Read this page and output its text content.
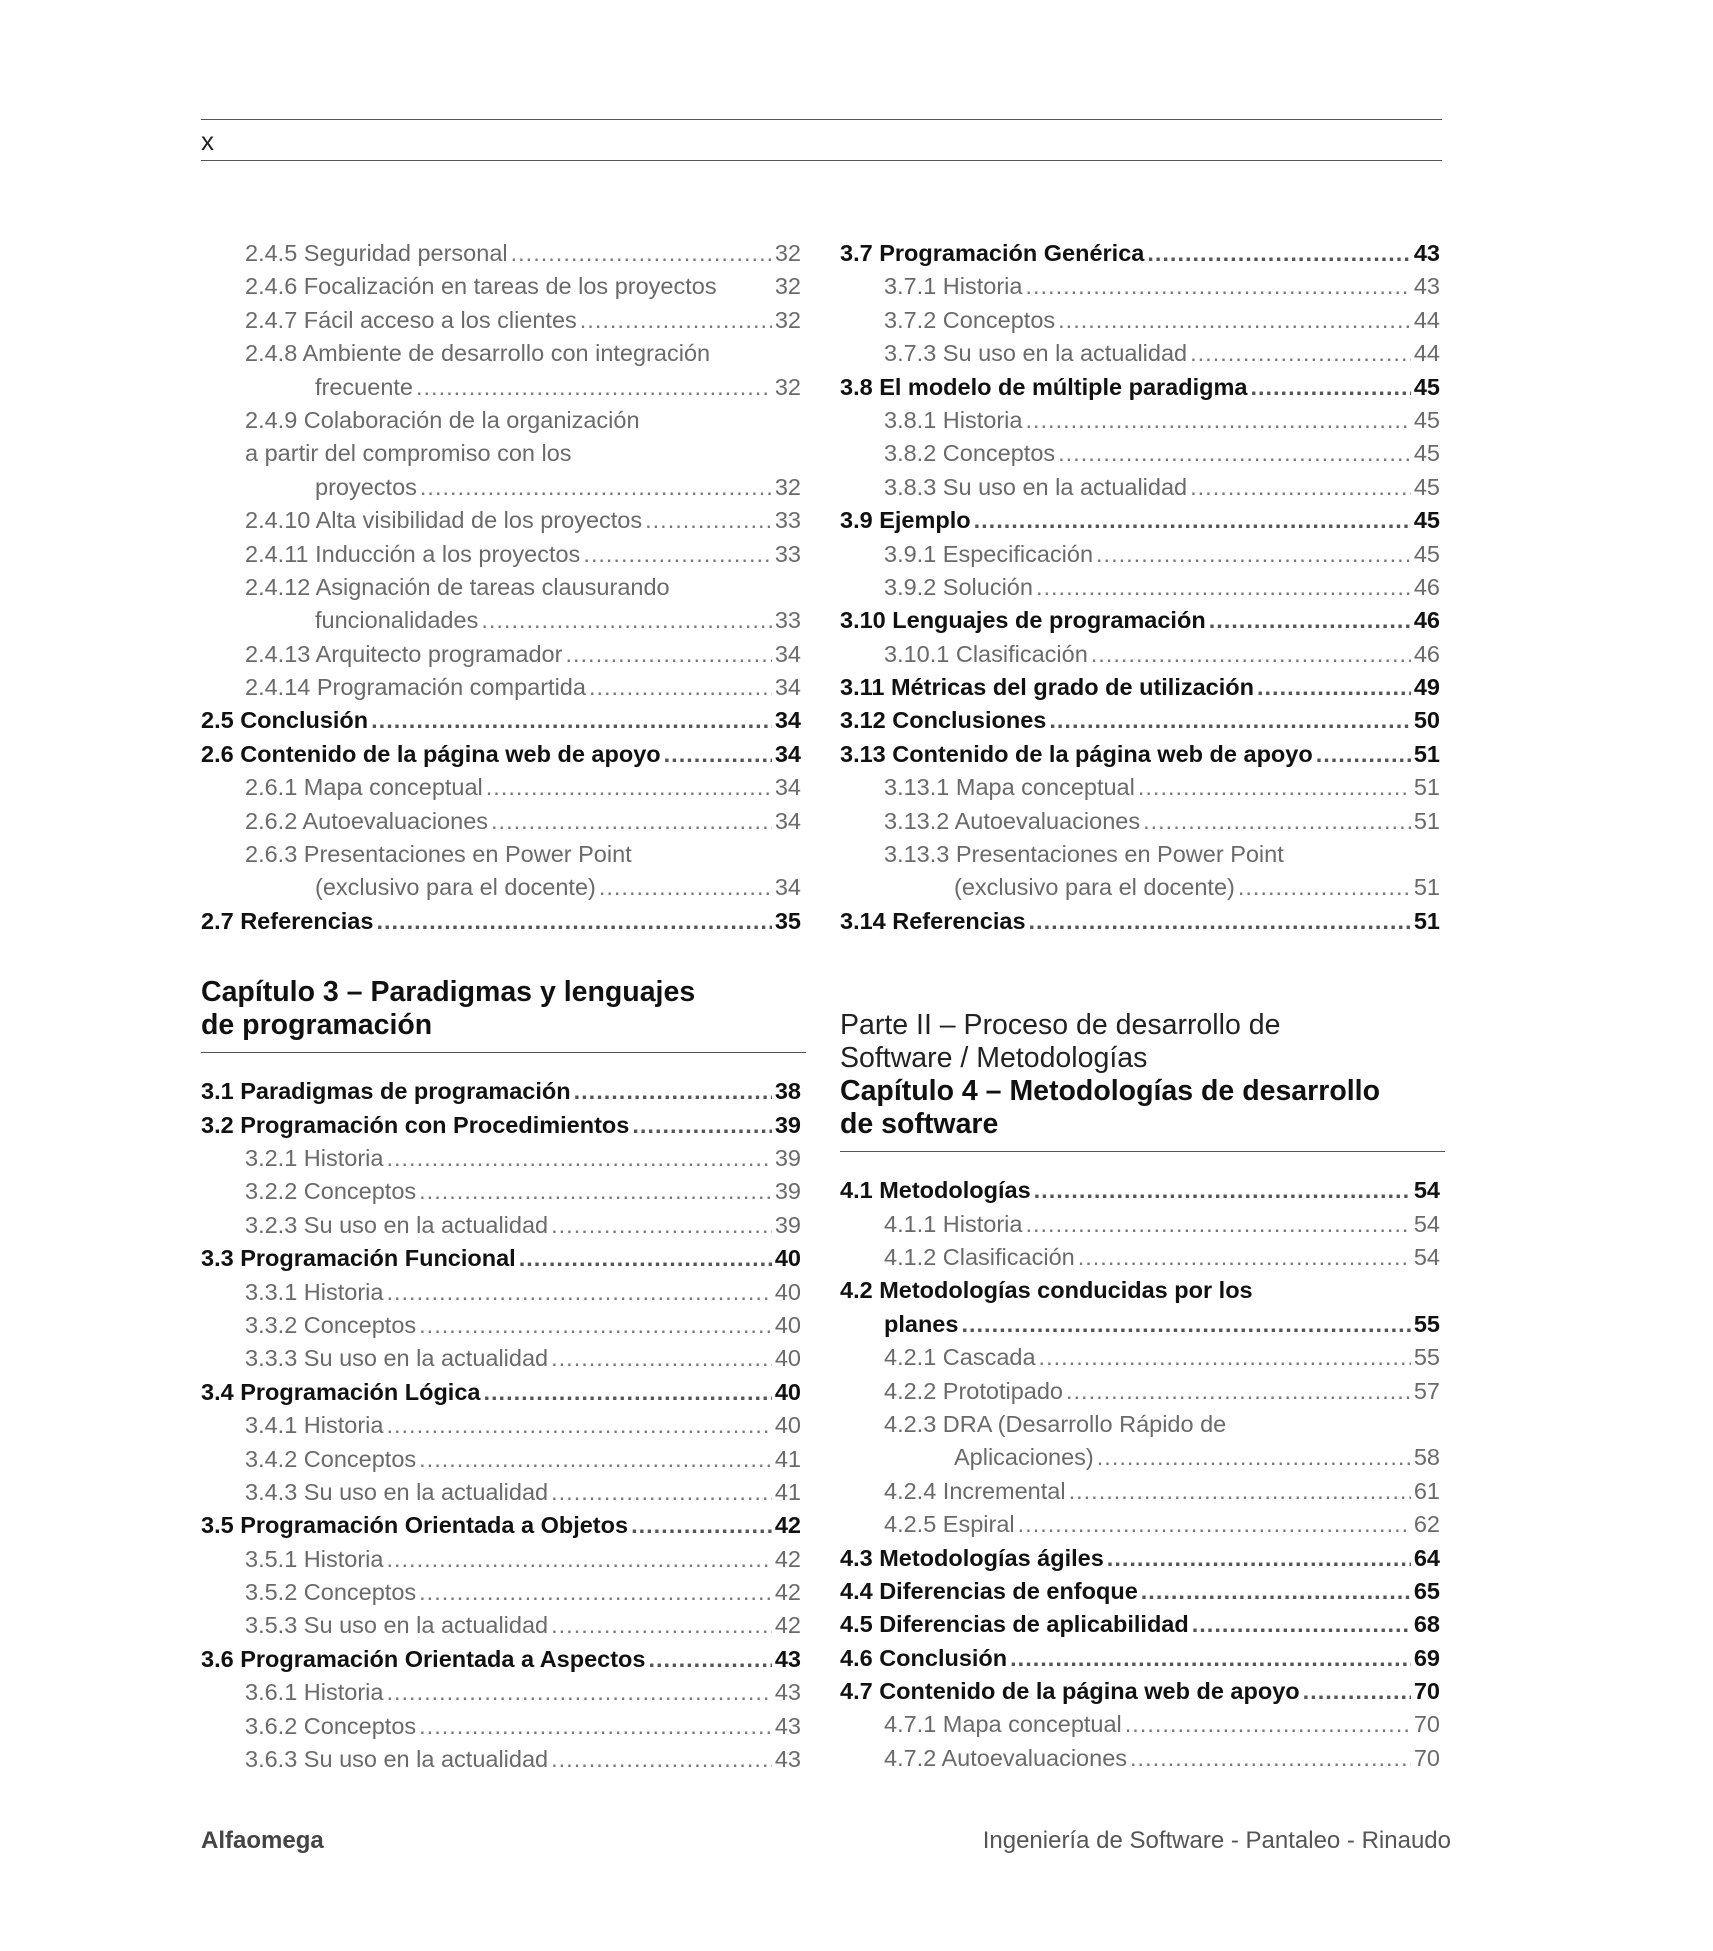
x
2.4.5 Seguridad personal .....	32
2.4.6 Focalización en tareas de los proyectos 32
2.4.7 Fácil acceso a los clientes .....	32
2.4.8 Ambiente de desarrollo con integración
frecuente .....	32
2.4.9 Colaboración de la organización
a partir del compromiso con los
proyectos .....	32
2.4.10 Alta visibilidad de los proyectos .....	33
2.4.11 Inducción a los proyectos .....	33
2.4.12 Asignación de tareas clausurando
funcionalidades .....	33
2.4.13 Arquitecto programador .....	34
2.4.14 Programación compartida .....	34
2.5 Conclusión .....	34
2.6 Contenido de la página web de apoyo .....	34
2.6.1 Mapa conceptual .....	34
2.6.2 Autoevaluaciones .....	34
2.6.3 Presentaciones en Power Point
(exclusivo para el docente) .....	34
2.7 Referencias .....	35
Capítulo 3 – Paradigmas y lenguajes
de programación
3.1 Paradigmas de programación .....	38
3.2 Programación con Procedimientos .....	39
3.2.1 Historia .....	39
3.2.2 Conceptos .....	39
3.2.3 Su uso en la actualidad .....	39
3.3 Programación Funcional .....	40
3.3.1 Historia .....	40
3.3.2 Conceptos .....	40
3.3.3 Su uso en la actualidad .....	40
3.4 Programación Lógica .....	40
3.4.1 Historia .....	40
3.4.2 Conceptos .....	41
3.4.3 Su uso en la actualidad .....	41
3.5 Programación Orientada a Objetos .....	42
3.5.1 Historia .....	42
3.5.2 Conceptos .....	42
3.5.3 Su uso en la actualidad .....	42
3.6 Programación Orientada a Aspectos .....	43
3.6.1 Historia .....	43
3.6.2 Conceptos .....	43
3.6.3 Su uso en la actualidad .....	43
3.7 Programación Genérica .....	43
3.7.1 Historia .....	43
3.7.2 Conceptos .....	44
3.7.3 Su uso en la actualidad .....	44
3.8 El modelo de múltiple paradigma .....	45
3.8.1 Historia .....	45
3.8.2 Conceptos .....	45
3.8.3 Su uso en la actualidad .....	45
3.9 Ejemplo .....	45
3.9.1 Especificación .....	45
3.9.2 Solución .....	46
3.10 Lenguajes de programación .....	46
3.10.1 Clasificación .....	46
3.11 Métricas del grado de utilización .....	49
3.12 Conclusiones .....	50
3.13 Contenido de la página web de apoyo .....	51
3.13.1 Mapa conceptual .....	51
3.13.2 Autoevaluaciones .....	51
3.13.3 Presentaciones en Power Point
(exclusivo para el docente) .....	51
3.14 Referencias .....	51
Parte II – Proceso de desarrollo de
Software / Metodologías
Capítulo 4 – Metodologías de desarrollo
de software
4.1 Metodologías .....	54
4.1.1 Historia .....	54
4.1.2 Clasificación .....	54
4.2 Metodologías conducidas por los
planes .....	55
4.2.1 Cascada .....	55
4.2.2 Prototipado .....	57
4.2.3 DRA (Desarrollo Rápido de
Aplicaciones) .....	58
4.2.4 Incremental .....	61
4.2.5 Espiral .....	62
4.3 Metodologías ágiles .....	64
4.4 Diferencias de enfoque .....	65
4.5 Diferencias de aplicabilidad .....	68
4.6 Conclusión .....	69
4.7 Contenido de la página web de apoyo .....	70
4.7.1 Mapa conceptual .....	70
4.7.2 Autoevaluaciones .....	70
Alfaomega	Ingeniería de Software - Pantaleo - Rinaudo
